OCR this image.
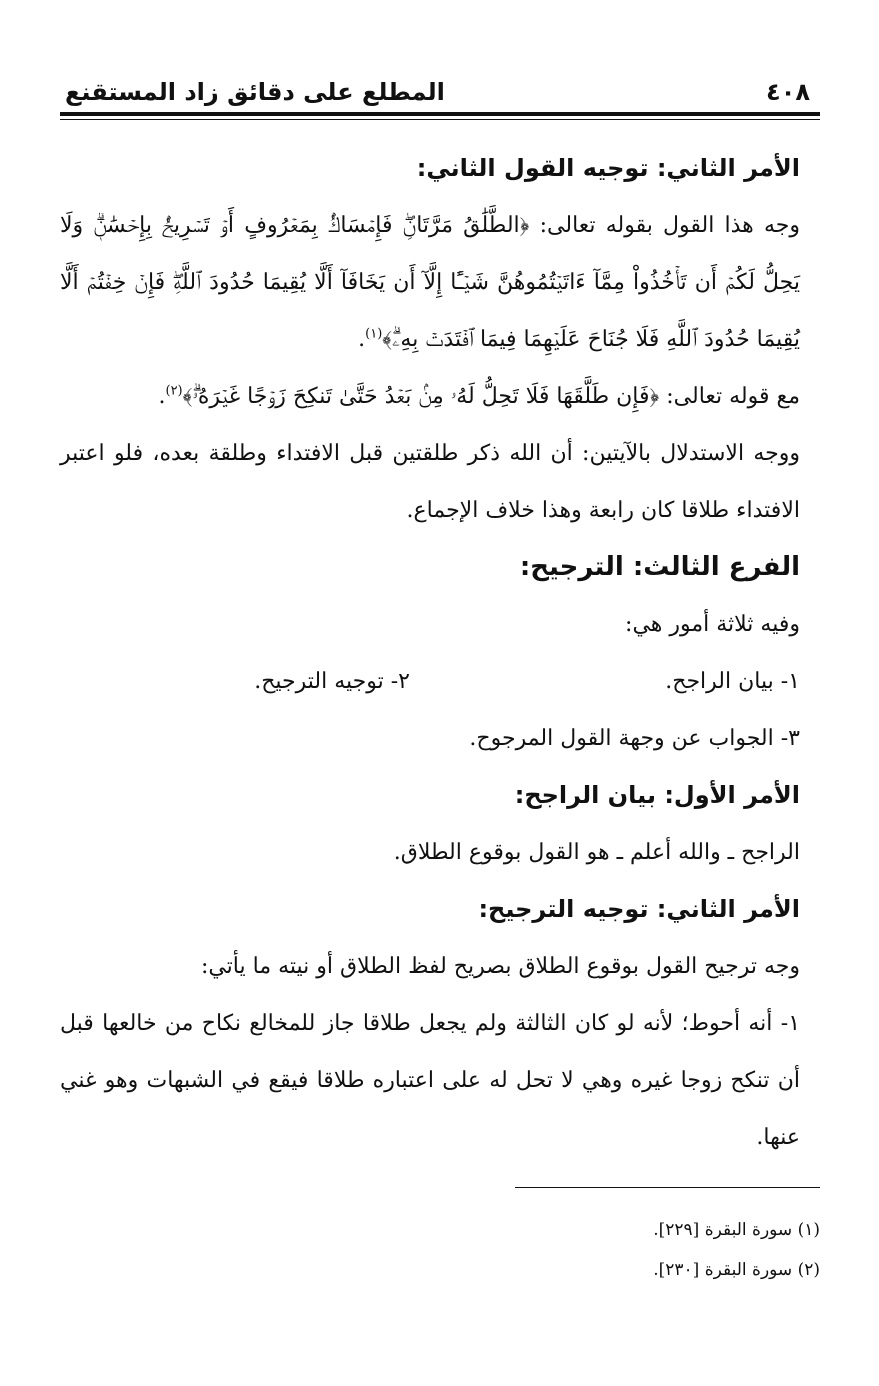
٤٠٨
المطلع على دقائق زاد المستقنع
الأمر الثاني: توجيه القول الثاني:

وجه هذا القول بقوله تعالى: ﴿الطَّلَٰقُ مَرَّتَانِۖ فَإِمۡسَاكُۢ بِمَعۡرُوفٍ أَوۡ تَسۡرِيحُۢ بِإِحۡسَٰنٖۗ وَلَا يَحِلُّ لَكُمۡ أَن تَأۡخُذُواْ مِمَّآ ءَاتَيۡتُمُوهُنَّ شَيۡـًٔا إِلَّآ أَن يَخَافَآ أَلَّا يُقِيمَا حُدُودَ ٱللَّهِۖ فَإِنۡ خِفۡتُمۡ أَلَّا يُقِيمَا حُدُودَ ٱللَّهِ فَلَا جُنَاحَ عَلَيۡهِمَا فِيمَا ٱفۡتَدَتۡ بِهِۦۗ﴾$^{(١)}$.

مع قوله تعالى: ﴿فَإِن طَلَّقَهَا فَلَا تَحِلُّ لَهُۥ مِنۢ بَعۡدُ حَتَّىٰ تَنكِحَ زَوۡجًا غَيۡرَهُۥۗ﴾$^{(٢)}$.

ووجه الاستدلال بالآيتين: أن الله ذكر طلقتين قبل الافتداء وطلقة بعده، فلو اعتبر الافتداء طلاقا كان رابعة وهذا خلاف الإجماع.

الفرع الثالث: الترجيح:

وفيه ثلاثة أمور هي:

١- بيان الراجح.
٢- توجيه الترجيح.

٣- الجواب عن وجهة القول المرجوح.

الأمر الأول: بيان الراجح:

الراجح ـ والله أعلم ـ هو القول بوقوع الطلاق.

الأمر الثاني: توجيه الترجيح:

وجه ترجيح القول بوقوع الطلاق بصريح لفظ الطلاق أو نيته ما يأتي:

١- أنه أحوط؛ لأنه لو كان الثالثة ولم يجعل طلاقا جاز للمخالع نكاح من خالعها قبل أن تنكح زوجا غيره وهي لا تحل له على اعتباره طلاقا فيقع في الشبهات وهو غني عنها.

(١) سورة البقرة [٢٢٩].
(٢) سورة البقرة [٢٣٠].
